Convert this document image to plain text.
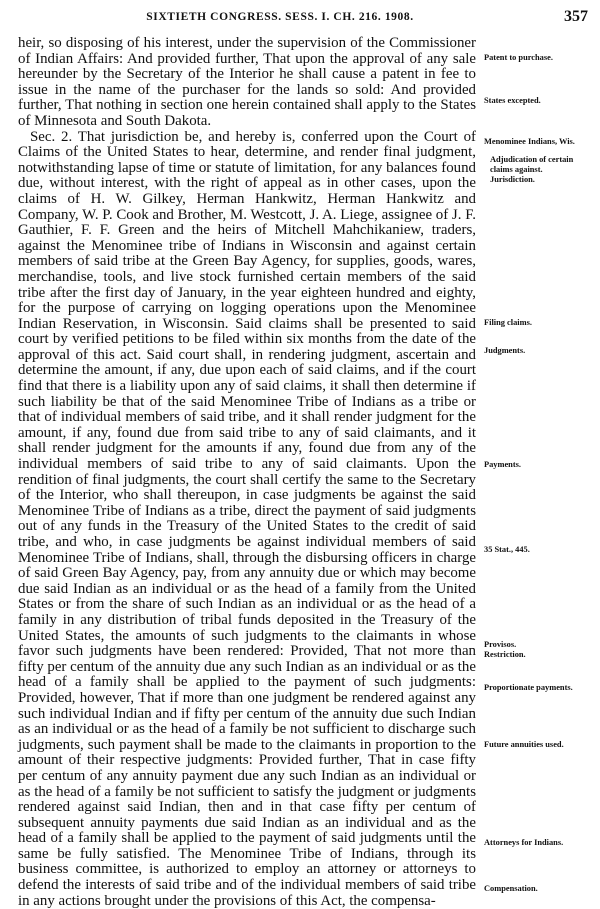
SIXTIETH CONGRESS. SESS. I. CH. 216. 1908.	357

heir, so disposing of his interest, under the supervision of the Commissioner of Indian Affairs: And provided further, That upon the approval of any sale hereunder by the Secretary of the Interior he shall cause a patent in fee to issue in the name of the purchaser for the lands so sold: And provided further, That nothing in section one herein contained shall apply to the States of Minnesota and South Dakota.

Sec. 2. That jurisdiction be, and hereby is, conferred upon the Court of Claims of the United States to hear, determine, and render final judgment, notwithstanding lapse of time or statute of limitation, for any balances found due, without interest, with the right of appeal as in other cases, upon the claims of H. W. Gilkey, Herman Hankwitz, Herman Hankwitz and Company, W. P. Cook and Brother, M. Westcott, J. A. Liege, assignee of J. F. Gauthier, F. F. Green and the heirs of Mitchell Mahchikaniew, traders, against the Menominee tribe of Indians in Wisconsin and against certain members of said tribe at the Green Bay Agency, for supplies, goods, wares, merchandise, tools, and live stock furnished certain members of the said tribe after the first day of January, in the year eighteen hundred and eighty, for the purpose of carrying on logging operations upon the Menominee Indian Reservation, in Wisconsin. Said claims shall be presented to said court by verified petitions to be filed within six months from the date of the approval of this act. Said court shall, in rendering judgment, ascertain and determine the amount, if any, due upon each of said claims, and if the court find that there is a liability upon any of said claims, it shall then determine if such liability be that of the said Menominee Tribe of Indians as a tribe or that of individual members of said tribe, and it shall render judgment for the amount, if any, found due from said tribe to any of said claimants, and it shall render judgment for the amounts if any, found due from any of the individual members of said tribe to any of said claimants. Upon the rendition of final judgments, the court shall certify the same to the Secretary of the Interior, who shall thereupon, in case judgments be against the said Menominee Tribe of Indians as a tribe, direct the payment of said judgments out of any funds in the Treasury of the United States to the credit of said tribe, and who, in case judgments be against individual members of said Menominee Tribe of Indians, shall, through the disbursing officers in charge of said Green Bay Agency, pay, from any annuity due or which may become due said Indian as an individual or as the head of a family from the United States or from the share of such Indian as an individual or as the head of a family in any distribution of tribal funds deposited in the Treasury of the United States, the amounts of such judgments to the claimants in whose favor such judgments have been rendered: Provided, That not more than fifty per centum of the annuity due any such Indian as an individual or as the head of a family shall be applied to the payment of such judgments: Provided, however, That if more than one judgment be rendered against any such individual Indian and if fifty per centum of the annuity due such Indian as an individual or as the head of a family be not sufficient to discharge such judgments, such payment shall be made to the claimants in proportion to the amount of their respective judgments: Provided further, That in case fifty per centum of any annuity payment due any such Indian as an individual or as the head of a family be not sufficient to satisfy the judgment or judgments rendered against said Indian, then and in that case fifty per centum of subsequent annuity payments due said Indian as an individual and as the head of a family shall be applied to the payment of said judgments until the same be fully satisfied. The Menominee Tribe of Indians, through its business committee, is authorized to employ an attorney or attorneys to defend the interests of said tribe and of the individual members of said tribe in any actions brought under the provisions of this Act, the compensa-

Patent to purchase.
States excepted.
Menominee Indians, Wis.
Adjudication of certain claims against.
Jurisdiction.
Filing claims.
Judgments.
Payments.
35 Stat., 445.
Provisos.
Restriction.
Proportionate payments.
Future annuities used.
Attorneys for Indians.
Compensation.
